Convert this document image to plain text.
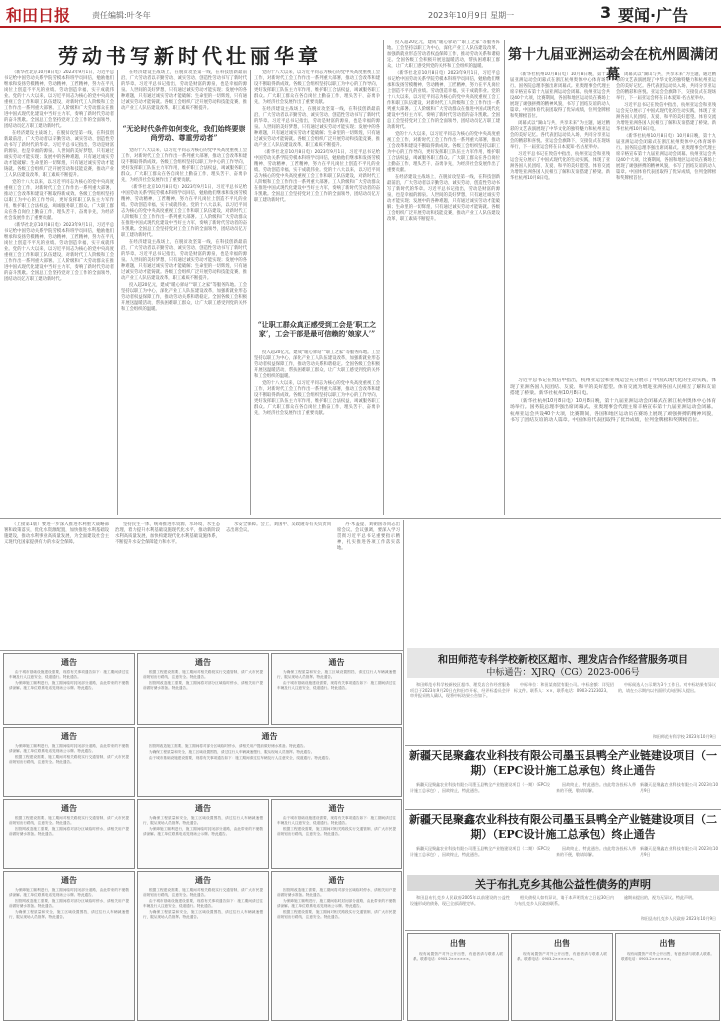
和田日报	责任编辑:叶冬年	2023年10月9日 星期一	3 要闻·广告
劳动书写新时代壮丽华章

（新华社北京10月8日电）2023年9月1日，习近平总书记给中国劳动关系学院劳模本科班学员回信，勉励他们继承和发扬劳模精神、劳动精神、工匠精神，努力在平凡岗位上创造不平凡的业绩。劳动创造幸福，实干成就伟业。党的十八大以来，以习近平同志为核心的党中央高度重视工会工作和职工队伍建设，对新时代工人阶级和工会工作作出一系列重大部署。工人阶级和广大劳动群众在推进中国式现代化建设中当好主力军，奏响了新时代劳动者的奋斗凯歌。全国总工会坚持党对工会工作的全面领导，团结动员亿万职工建功新时代。

在经济建设主战场上，在脱贫攻坚第一线，在科技创新最前沿，广大劳动者以辛勤劳动、诚实劳动、创造性劳动书写了新时代的华章。习近平总书记指出，劳动是财富的源泉，也是幸福的源泉。人世间的美好梦想，只有通过诚实劳动才能实现；发展中的各种难题，只有通过诚实劳动才能破解；生命里的一切辉煌，只有通过诚实劳动才能铸就。各级工会组织广泛开展劳动和技能竞赛，推动产业工人队伍建设改革，职工素质不断提升。

党的十八大以来，以习近平同志为核心的党中央高度重视工会工作，对新时代工会工作作出一系列重大部署，推动工会改革和建设不断取得新成效。各级工会组织坚持以职工为中心的工作导向，更好发挥职工队伍主力军作用，维护职工合法权益，竭诚服务职工群众。广大职工群众在各自岗位上勤奋工作、埋头苦干、奋勇争先，为经济社会发展作出了重要贡献。

（新华社北京10月8日电）2023年9月1日，习近平总书记给中国劳动关系学院劳模本科班学员回信，勉励他们继承和发扬劳模精神、劳动精神、工匠精神，努力在平凡岗位上创造不平凡的业绩。劳动创造幸福，实干成就伟业。党的十八大以来，以习近平同志为核心的党中央高度重视工会工作和职工队伍建设，对新时代工人阶级和工会工作作出一系列重大部署。工人阶级和广大劳动群众在推进中国式现代化建设中当好主力军，奏响了新时代劳动者的奋斗凯歌。全国总工会坚持党对工会工作的全面领导，团结动员亿万职工建功新时代。

在经济建设主战场上，在脱贫攻坚第一线，在科技创新最前沿，广大劳动者以辛勤劳动、诚实劳动、创造性劳动书写了新时代的华章。习近平总书记指出，劳动是财富的源泉，也是幸福的源泉。人世间的美好梦想，只有通过诚实劳动才能实现；发展中的各种难题，只有通过诚实劳动才能破解；生命里的一切辉煌，只有通过诚实劳动才能铸就。各级工会组织广泛开展劳动和技能竞赛，推动产业工人队伍建设改革，职工素质不断提升。

“无论时代条件如何变化，我们始终要崇尚劳动、尊重劳动者”

党的十八大以来，以习近平同志为核心的党中央高度重视工会工作，对新时代工会工作作出一系列重大部署，推动工会改革和建设不断取得新成效。各级工会组织坚持以职工为中心的工作导向，更好发挥职工队伍主力军作用，维护职工合法权益，竭诚服务职工群众。广大职工群众在各自岗位上勤奋工作、埋头苦干、奋勇争先，为经济社会发展作出了重要贡献。

（新华社北京10月8日电）2023年9月1日，习近平总书记给中国劳动关系学院劳模本科班学员回信，勉励他们继承和发扬劳模精神、劳动精神、工匠精神，努力在平凡岗位上创造不平凡的业绩。劳动创造幸福，实干成就伟业。党的十八大以来，以习近平同志为核心的党中央高度重视工会工作和职工队伍建设，对新时代工人阶级和工会工作作出一系列重大部署。工人阶级和广大劳动群众在推进中国式现代化建设中当好主力军，奏响了新时代劳动者的奋斗凯歌。全国总工会坚持党对工会工作的全面领导，团结动员亿万职工建功新时代。

在经济建设主战场上，在脱贫攻坚第一线，在科技创新最前沿，广大劳动者以辛勤劳动、诚实劳动、创造性劳动书写了新时代的华章。习近平总书记指出，劳动是财富的源泉，也是幸福的源泉。人世间的美好梦想，只有通过诚实劳动才能实现；发展中的各种难题，只有通过诚实劳动才能破解；生命里的一切辉煌，只有通过诚实劳动才能铸就。各级工会组织广泛开展劳动和技能竞赛，推动产业工人队伍建设改革，职工素质不断提升。

投入超20亿元，建成“暖心驿站”“职工之家”等服务阵地。工会坚持以职工为中心，深化产业工人队伍建设改革，加强新就业形态劳动者权益保障工作，推动劳动关系和谐稳定。全国各级工会积极开展送温暖活动，帮扶困难职工群众，让广大职工感受到党的关怀和工会组织的温暖。

党的十八大以来，以习近平同志为核心的党中央高度重视工会工作，对新时代工会工作作出一系列重大部署，推动工会改革和建设不断取得新成效。各级工会组织坚持以职工为中心的工作导向，更好发挥职工队伍主力军作用，维护职工合法权益，竭诚服务职工群众。广大职工群众在各自岗位上勤奋工作、埋头苦干、奋勇争先，为经济社会发展作出了重要贡献。

在经济建设主战场上，在脱贫攻坚第一线，在科技创新最前沿，广大劳动者以辛勤劳动、诚实劳动、创造性劳动书写了新时代的华章。习近平总书记指出，劳动是财富的源泉，也是幸福的源泉。人世间的美好梦想，只有通过诚实劳动才能实现；发展中的各种难题，只有通过诚实劳动才能破解；生命里的一切辉煌，只有通过诚实劳动才能铸就。各级工会组织广泛开展劳动和技能竞赛，推动产业工人队伍建设改革，职工素质不断提升。

（新华社北京10月8日电）2023年9月1日，习近平总书记给中国劳动关系学院劳模本科班学员回信，勉励他们继承和发扬劳模精神、劳动精神、工匠精神，努力在平凡岗位上创造不平凡的业绩。劳动创造幸福，实干成就伟业。党的十八大以来，以习近平同志为核心的党中央高度重视工会工作和职工队伍建设，对新时代工人阶级和工会工作作出一系列重大部署。工人阶级和广大劳动群众在推进中国式现代化建设中当好主力军，奏响了新时代劳动者的奋斗凯歌。全国总工会坚持党对工会工作的全面领导，团结动员亿万职工建功新时代。

“让职工群众真正感受到工会是‘职工之家’，工会干部是最可信赖的‘娘家人’”

投入超20亿元，建成“暖心驿站”“职工之家”等服务阵地。工会坚持以职工为中心，深化产业工人队伍建设改革，加强新就业形态劳动者权益保障工作，推动劳动关系和谐稳定。全国各级工会积极开展送温暖活动，帮扶困难职工群众，让广大职工感受到党的关怀和工会组织的温暖。

党的十八大以来，以习近平同志为核心的党中央高度重视工会工作，对新时代工会工作作出一系列重大部署，推动工会改革和建设不断取得新成效。各级工会组织坚持以职工为中心的工作导向，更好发挥职工队伍主力军作用，维护职工合法权益，竭诚服务职工群众。广大职工群众在各自岗位上勤奋工作、埋头苦干、奋勇争先，为经济社会发展作出了重要贡献。

投入超20亿元，建成“暖心驿站”“职工之家”等服务阵地。工会坚持以职工为中心，深化产业工人队伍建设改革，加强新就业形态劳动者权益保障工作，推动劳动关系和谐稳定。全国各级工会积极开展送温暖活动，帮扶困难职工群众，让广大职工感受到党的关怀和工会组织的温暖。

（新华社北京10月8日电）2023年9月1日，习近平总书记给中国劳动关系学院劳模本科班学员回信，勉励他们继承和发扬劳模精神、劳动精神、工匠精神，努力在平凡岗位上创造不平凡的业绩。劳动创造幸福，实干成就伟业。党的十八大以来，以习近平同志为核心的党中央高度重视工会工作和职工队伍建设，对新时代工人阶级和工会工作作出一系列重大部署。工人阶级和广大劳动群众在推进中国式现代化建设中当好主力军，奏响了新时代劳动者的奋斗凯歌。全国总工会坚持党对工会工作的全面领导，团结动员亿万职工建功新时代。

党的十八大以来，以习近平同志为核心的党中央高度重视工会工作，对新时代工会工作作出一系列重大部署，推动工会改革和建设不断取得新成效。各级工会组织坚持以职工为中心的工作导向，更好发挥职工队伍主力军作用，维护职工合法权益，竭诚服务职工群众。广大职工群众在各自岗位上勤奋工作、埋头苦干、奋勇争先，为经济社会发展作出了重要贡献。

在经济建设主战场上，在脱贫攻坚第一线，在科技创新最前沿，广大劳动者以辛勤劳动、诚实劳动、创造性劳动书写了新时代的华章。习近平总书记指出，劳动是财富的源泉，也是幸福的源泉。人世间的美好梦想，只有通过诚实劳动才能实现；发展中的各种难题，只有通过诚实劳动才能破解；生命里的一切辉煌，只有通过诚实劳动才能铸就。各级工会组织广泛开展劳动和技能竞赛，推动产业工人队伍建设改革，职工素质不断提升。

第十九届亚洲运动会在杭州圆满闭幕

（新华社杭州10月8日电）10月8日晚，第十九届亚洲运动会闭幕式在浙江杭州奥体中心体育场举行。国务院总理李强出席闭幕式。亚奥理事会代理主席辛格宣布第十九届亚洲运动会闭幕。杭州亚运会共设40个大项，比赛期间，各国和地区运动员在赛场上展现了顽强拼搏的精神风貌，书写了团结友谊的动人篇章。中国体育代表团取得了优异成绩，位列金牌榜和奖牌榜首位。

闭幕式以“湖山与共，共享未来”为主题，通过精彩的文艺表演展现了中华文化的独特魅力和杭州亚运会的美好记忆。各代表团运动员入场，共同分享亚运会的精彩和喜悦。亚运会会旗降下，交接仪式在现场举行，下一届亚运会将在日本爱知·名古屋举办。

习近平总书记在致信中指出，杭州亚运会和亚残运会充分展示了中国式现代化的生动实践，体现了亚洲各国人民团结、友爱、和平的美好愿望。体育交流为增进亚洲各国人民相互了解和友谊搭建了桥梁。新华社杭州10月8日电。

闭幕式以“湖山与共，共享未来”为主题，通过精彩的文艺表演展现了中华文化的独特魅力和杭州亚运会的美好记忆。各代表团运动员入场，共同分享亚运会的精彩和喜悦。亚运会会旗降下，交接仪式在现场举行，下一届亚运会将在日本爱知·名古屋举办。

习近平总书记在致信中指出，杭州亚运会和亚残运会充分展示了中国式现代化的生动实践，体现了亚洲各国人民团结、友爱、和平的美好愿望。体育交流为增进亚洲各国人民相互了解和友谊搭建了桥梁。新华社杭州10月8日电。

（新华社杭州10月8日电）10月8日晚，第十九届亚洲运动会闭幕式在浙江杭州奥体中心体育场举行。国务院总理李强出席闭幕式。亚奥理事会代理主席辛格宣布第十九届亚洲运动会闭幕。杭州亚运会共设40个大项，比赛期间，各国和地区运动员在赛场上展现了顽强拼搏的精神风貌，书写了团结友谊的动人篇章。中国体育代表团取得了优异成绩，位列金牌榜和奖牌榜首位。

习近平总书记在致信中指出，杭州亚运会和亚残运会充分展示了中国式现代化的生动实践，体现了亚洲各国人民团结、友爱、和平的美好愿望。体育交流为增进亚洲各国人民相互了解和友谊搭建了桥梁。新华社杭州10月8日电。

（新华社杭州10月8日电）10月8日晚，第十九届亚洲运动会闭幕式在浙江杭州奥体中心体育场举行。国务院总理李强出席闭幕式。亚奥理事会代理主席辛格宣布第十九届亚洲运动会闭幕。杭州亚运会共设40个大项，比赛期间，各国和地区运动员在赛场上展现了顽强拼搏的精神风貌，书写了团结友谊的动人篇章。中国体育代表团取得了优异成绩，位列金牌榜和奖牌榜首位。

（上接第1版）要进一步深入推进水利重大战略部署和政策落实，优化水资源配置，加快推进水利基础设施建设，推动水利事业高质量发展，为全面建设社会主义现代化国家提供有力的水安全保障。

坚持民生一体，统筹推进水资源、水环境、水生态治理，着力提升水利基础设施现代化水平，推动新阶段水利高质量发展，加快构建现代化水利基础设施体系，不断提升水安全保障能力和水平。

水安全保障。会上，刘国中、吴政隆等有关负责同志出席会议。

丹·木盖提、刘朝国等同志出席会议。会议强调，要深入学习贯彻习近平总书记重要指示精神，扎实推进各项工作落实落地。

通告

由于城市基础设施建设需要，现将有关事项通告如下：施工期间请过往车辆及行人注意安全，绕道通行。特此通告。

为保障施工顺利进行，施工期间临时封闭部分道路，由此带来的不便敬请谅解。施工单位联系电话见现场公示牌。特此通告。

通告

根据工程建设需要，施工期间对相关路段实行交通管制，请广大市民提前规划出行路线，注意安全。特此通告。

因管网改造施工需要，施工期间将对部分区域临时停水，请相关用户提前做好储水准备。特此通告。

通告

为确保工程质量和安全，施工区域设置围挡，请过往行人车辆减速慢行，服从现场人员指挥。特此通告。

由于城市基础设施建设需要，现将有关事项通告如下：施工期间请过往车辆及行人注意安全，绕道通行。特此通告。

通告

为保障施工顺利进行，施工期间临时封闭部分道路，由此带来的不便敬请谅解。施工单位联系电话见现场公示牌。特此通告。

根据工程建设需要，施工期间对相关路段实行交通管制，请广大市民提前规划出行路线，注意安全。特此通告。

通告

因管网改造施工需要，施工期间将对部分区域临时停水，请相关用户提前做好储水准备。特此通告。

为确保工程质量和安全，施工区域设置围挡，请过往行人车辆减速慢行，服从现场人员指挥。特此通告。

由于城市基础设施建设需要，现将有关事项通告如下：施工期间请过往车辆及行人注意安全，绕道通行。特此通告。

通告

根据工程建设需要，施工期间对相关路段实行交通管制，请广大市民提前规划出行路线，注意安全。特此通告。

因管网改造施工需要，施工期间将对部分区域临时停水，请相关用户提前做好储水准备。特此通告。

通告

为确保工程质量和安全，施工区域设置围挡，请过往行人车辆减速慢行，服从现场人员指挥。特此通告。

为保障施工顺利进行，施工期间临时封闭部分道路，由此带来的不便敬请谅解。施工单位联系电话见现场公示牌。特此通告。

通告

由于城市基础设施建设需要，现将有关事项通告如下：施工期间请过往车辆及行人注意安全，绕道通行。特此通告。

根据工程建设需要，施工期间对相关路段实行交通管制，请广大市民提前规划出行路线，注意安全。特此通告。

通告

为保障施工顺利进行，施工期间临时封闭部分道路，由此带来的不便敬请谅解。施工单位联系电话见现场公示牌。特此通告。

因管网改造施工需要，施工期间将对部分区域临时停水，请相关用户提前做好储水准备。特此通告。

为确保工程质量和安全，施工区域设置围挡，请过往行人车辆减速慢行，服从现场人员指挥。特此通告。

通告

根据工程建设需要，施工期间对相关路段实行交通管制，请广大市民提前规划出行路线，注意安全。特此通告。

由于城市基础设施建设需要，现将有关事项通告如下：施工期间请过往车辆及行人注意安全，绕道通行。特此通告。

为确保工程质量和安全，施工区域设置围挡，请过往行人车辆减速慢行，服从现场人员指挥。特此通告。

通告

因管网改造施工需要，施工期间将对部分区域临时停水，请相关用户提前做好储水准备。特此通告。

为保障施工顺利进行，施工期间临时封闭部分道路，由此带来的不便敬请谅解。施工单位联系电话见现场公示牌。特此通告。

根据工程建设需要，施工期间对相关路段实行交通管制，请广大市民提前规划出行路线，注意安全。特此通告。

和田师范专科学校新校区超市、理发店合作经营服务项目
中标通告：XJRQ（CG）2023-006号

和田师范专科学校新校区超市、理发店合作经营服务项目于2023年9月20日在和田市开标，经评标委员会评审并报采购人确认，现将中标结果公告如下。

中标单位：和田某商贸有限公司。中标金额：详见招标文件。联系人：××，联系电话：0903-2123023。

中标候选人公示期为3个工作日。对中标结果有异议的，请在公示期内以书面形式向招标人提出。

和田师范专科学校 2023年10月9日
新疆天昆聚鑫农业科技有限公司墨玉县鸭全产业链建设项目（一期）（EPC设计施工总承包）终止通告

新疆天昆聚鑫农业科技有限公司墨玉县鸭全产业链建设项目（一期）（EPC设计施工总承包），因故终止，特此通告。

因故终止，特此通告。由此给各投标人带来的不便，敬请谅解。

新疆天昆聚鑫农业科技有限公司 2023年10月9日
新疆天昆聚鑫农业科技有限公司墨玉县鸭全产业链建设项目（二期）（EPC设计施工总承包）终止通告

新疆天昆聚鑫农业科技有限公司墨玉县鸭全产业链建设项目（二期）（EPC设计施工总承包），因故终止，特此通告。

因故终止，特此通告。由此给各投标人带来的不便，敬请谅解。

新疆天昆聚鑫农业科技有限公司 2023年10月9日
关于布扎克乡其他公益性债务的声明

和田县布扎克乡人民政府2005年以前建设的公益性设施形成的债务，现已全部清理完毕。

相关债权人如有异议，请于本声明发布之日起30日内与布扎克乡人民政府联系。

逾期未提出的，视为无异议。特此声明。

和田县布扎克乡人民政府 2023年10月9日
出售

现有闲置资产对外公开出售，有意者请与联系人联系。联系电话：0903-2××××××。

出售

现有闲置资产对外公开出售，有意者请与联系人联系。联系电话：0903-2××××××。

出售

现有闲置资产对外公开出售，有意者请与联系人联系。联系电话：0903-2××××××。
